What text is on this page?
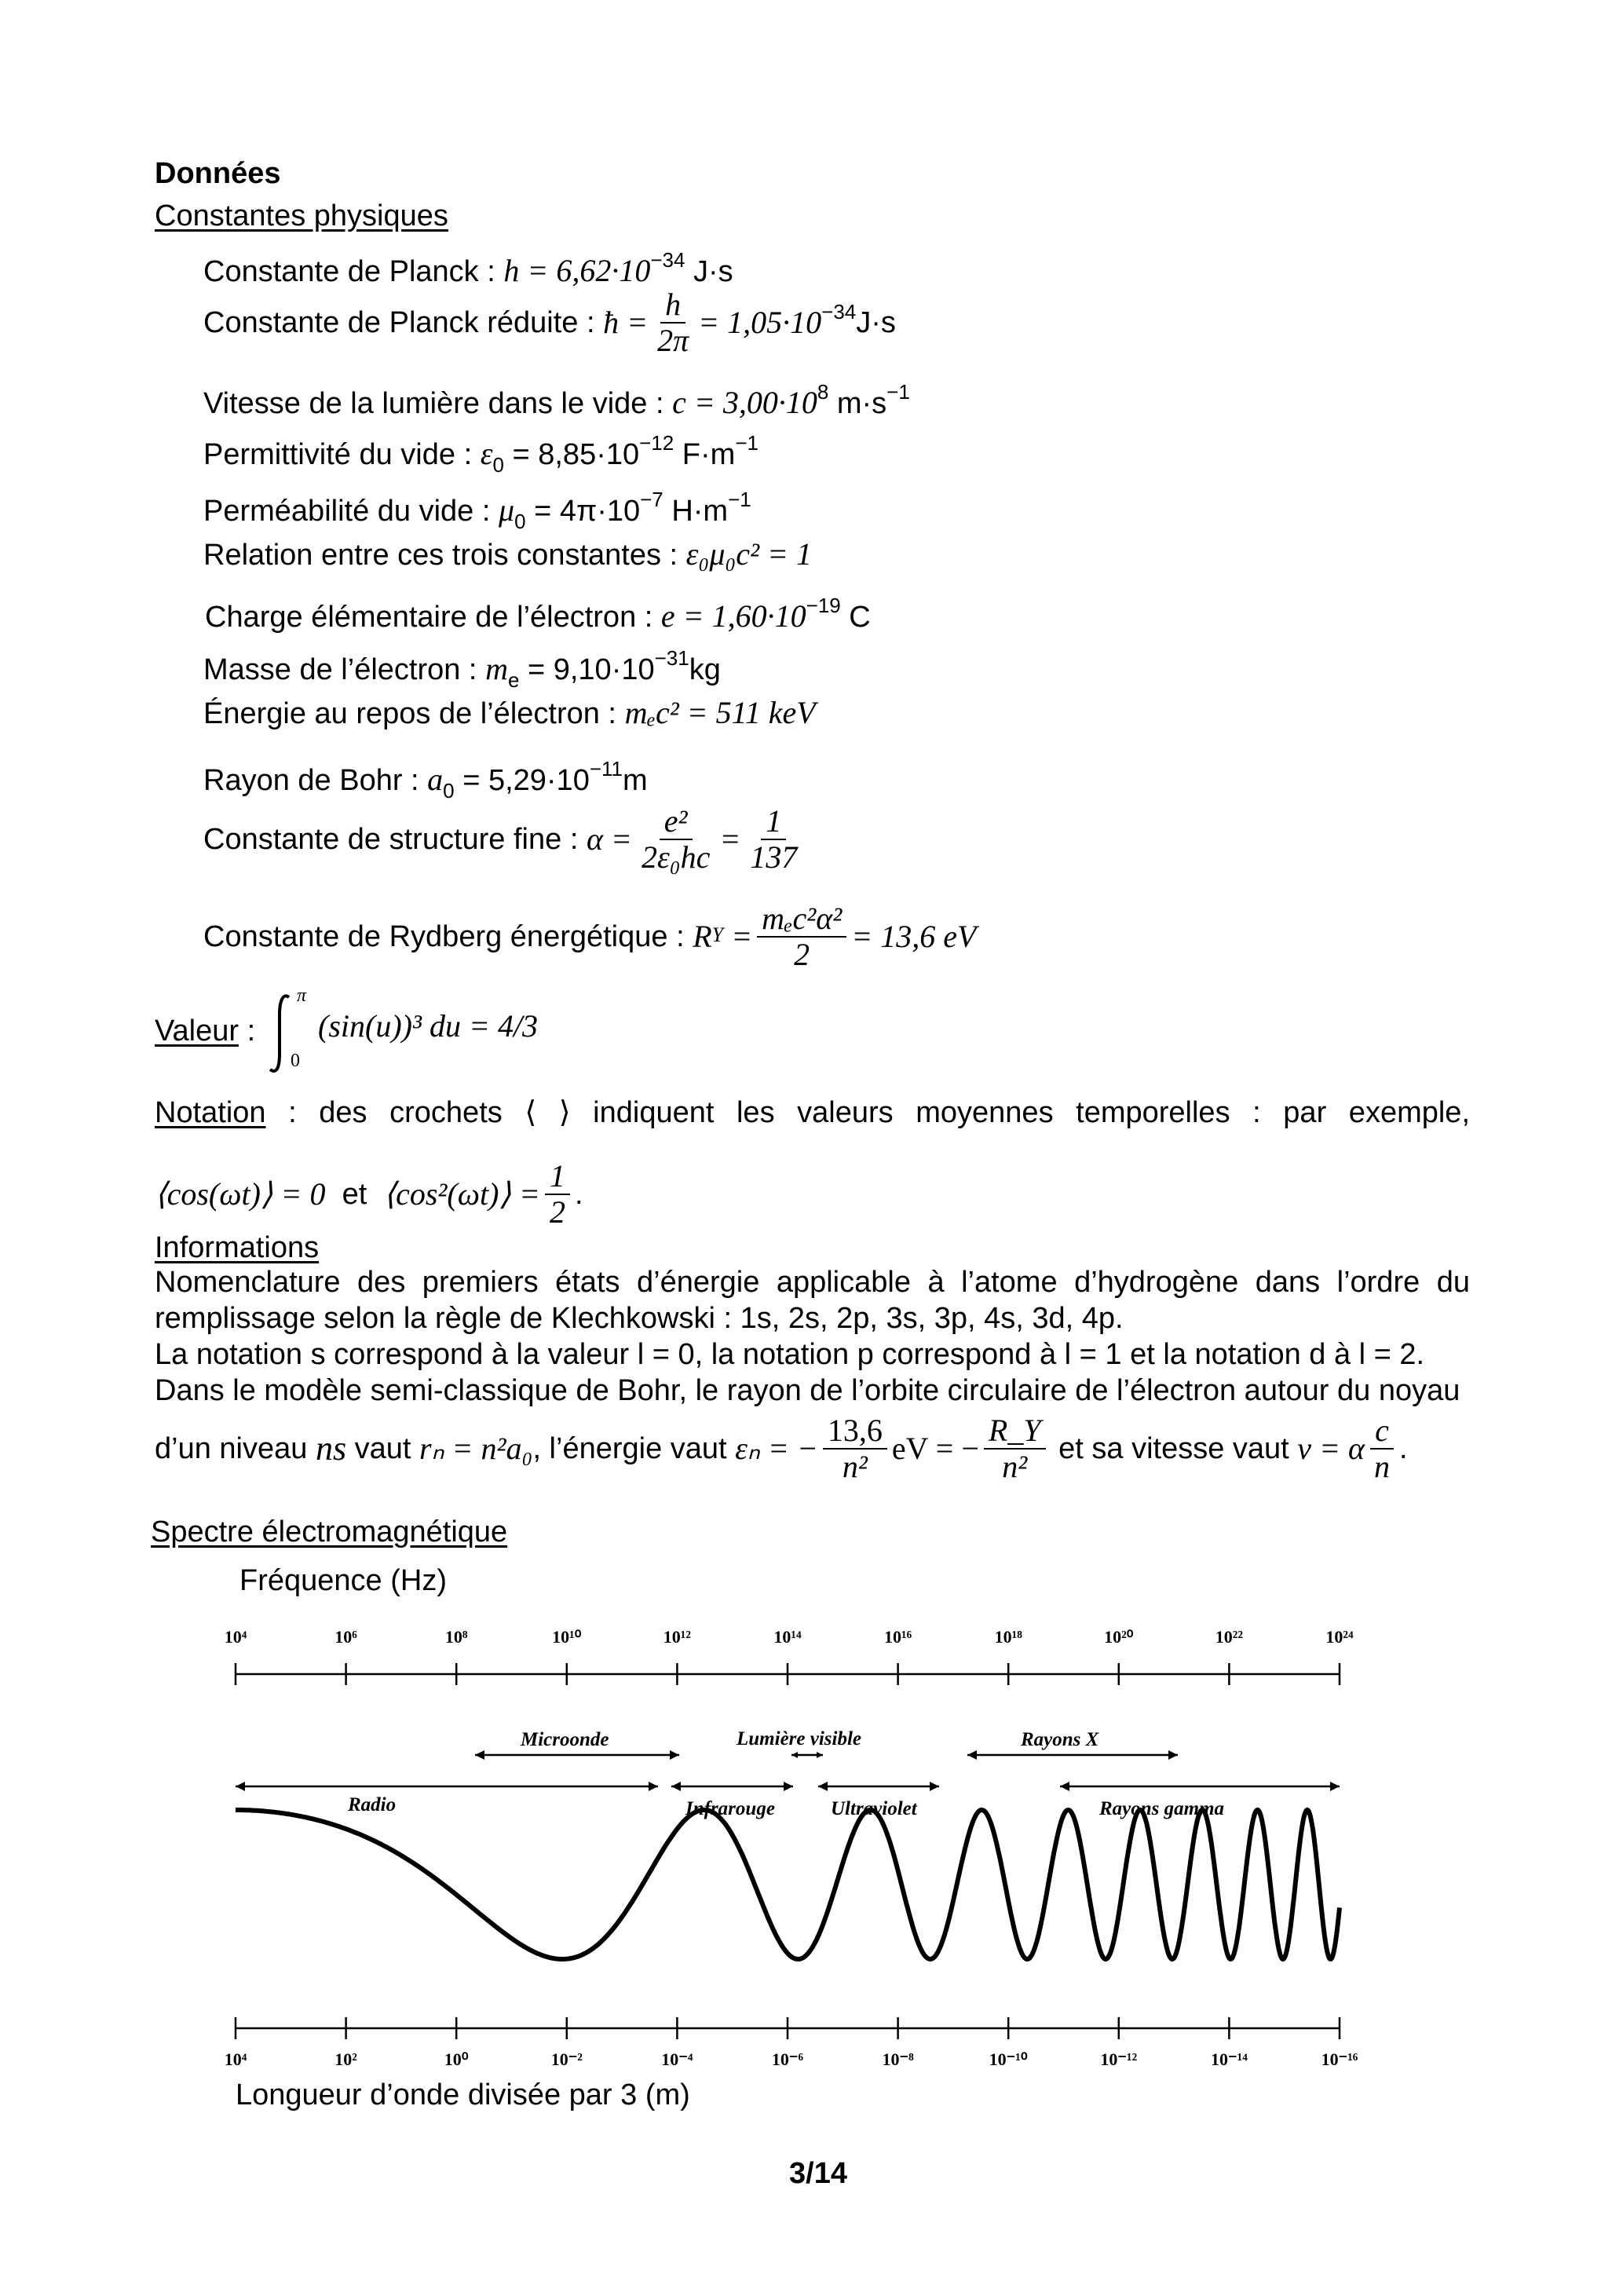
Données
Constantes physiques
Constante de Planck : $h = 6,62\cdot 10^{-34}$ J·s
Constante de Planck réduite :
ħ = $\frac{h}{2\pi} = 1,05\cdot 10^{-34}$ J·s
Vitesse de la lumière dans le vide : $c = 3,00\cdot 10^8$ $m\cdot s^{-1}$
Permittivité du vide : $\varepsilon_0 = 8,85\cdot 10^{-12}$ $F\cdot m^{-1}$
Perméabilité du vide : $\mu_0 = 4\pi\cdot 10^{-7}$ $H\cdot m^{-1}$
Relation entre ces trois constantes : ε₀μ₀c² = 1
Charge élémentaire de l’électron : $e = 1,60\cdot 10^{-19}$ C
Masse de l’électron : $m_e = 9,10\cdot 10^{-31}kg$
Énergie au repos de l’électron : mₑc² = 511 keV
Rayon de Bohr : $a_0 = 5,29\cdot 10^{-11}m$
Constante de structure fine :
$\alpha = \frac{\text{e²}}{\text{2ε₀hc}} = \frac{1}{137}$
Constante de Rydberg énergétique :
R $Y = \frac{\text{mₑc²α²}}{2} = 13,6$ eV
Valeur :
π
0
(sin(u))³ du = 4/3
Notation : des crochets ⟨ ⟩ indiquent les valeurs moyennes temporelles : par exemple,
⟨cos(ωt)⟩ = 0
et
⟨cos²(ωt)⟩ = $\frac{1}{2}$ .
Informations
Nomenclature des premiers états d’énergie applicable à l’atome d’hydrogène dans l’ordre du remplissage selon la règle de Klechkowski : 1s, 2s, 2p, 3s, 3p, 4s, 3d, 4p.
La notation s correspond à la valeur l = 0, la notation p correspond à l = 1 et la notation d à l = 2.
Dans le modèle semi-classique de Bohr, le rayon de l’orbite circulaire de l’électron autour du noyau
d’un niveau
ns
vaut
rₙ = n²a₀ , l’énergie vaut
εₙ = − $\frac{13,6}{\text{n²}}$ eV = − $\frac{R\_Y}{\text{n²}}$
et sa vitesse vaut
v = α $\frac{c}{n}$ .
Spectre électromagnétique
Fréquence (Hz)
10⁴	10⁶	10⁸	10¹⁰	10¹²	10¹⁴	10¹⁶	10¹⁸	10²⁰	10²²	10²⁴
Microonde	Lumière visible	Rayons X
Radio	Infrarouge	Ultraviolet	Rayons gamma
10⁴	10²	10⁰	10⁻²	10⁻⁴	10⁻⁶	10⁻⁸	10⁻¹⁰	10⁻¹²	10⁻¹⁴	10⁻¹⁶
Longueur d’onde divisée par 3 (m)
3/14
